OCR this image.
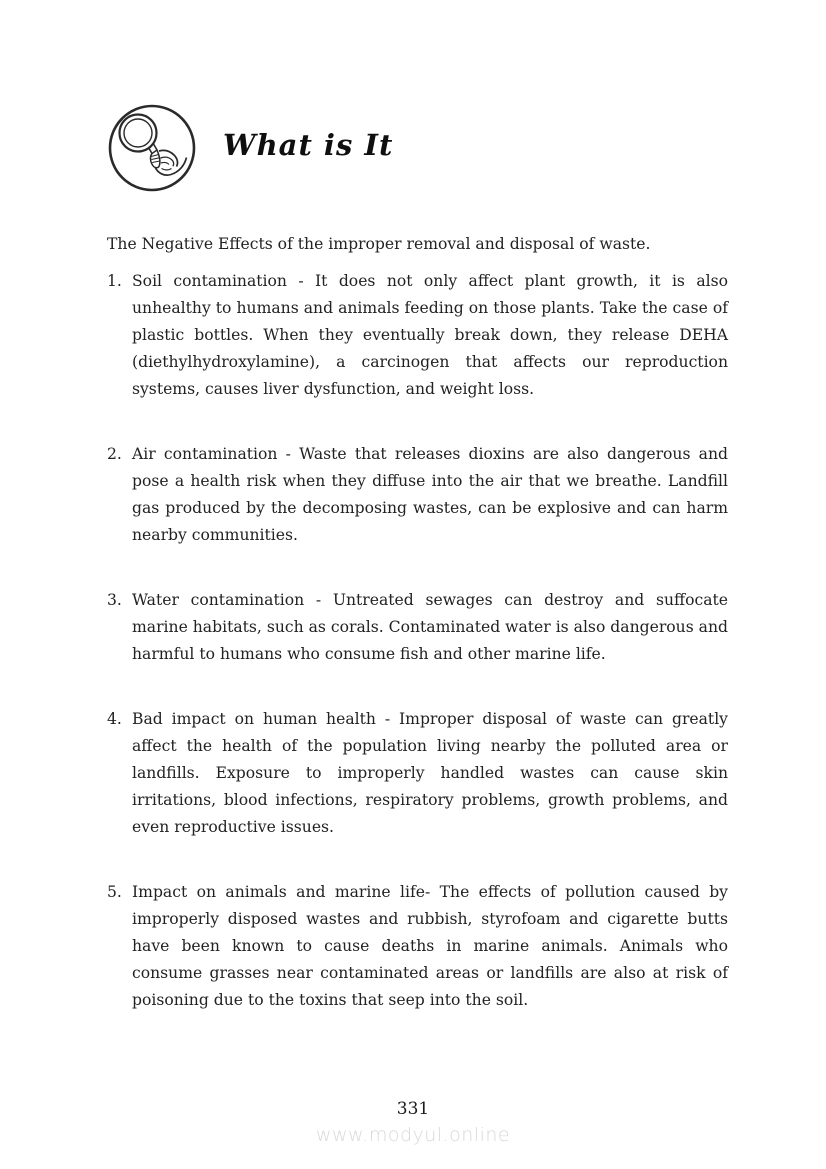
What is It
The Negative Effects of the improper removal and disposal of waste.
1. Soil contamination - It does not only affect plant growth, it is also unhealthy to humans and animals feeding on those plants. Take the case of plastic bottles. When they eventually break down, they release DEHA (diethylhydroxylamine), a carcinogen that affects our reproduction systems, causes liver dysfunction, and weight loss.
2. Air contamination - Waste that releases dioxins are also dangerous and pose a health risk when they diffuse into the air that we breathe. Landfill gas produced by the decomposing wastes, can be explosive and can harm nearby communities.
3. Water contamination - Untreated sewages can destroy and suffocate marine habitats, such as corals. Contaminated water is also dangerous and harmful to humans who consume fish and other marine life.
4. Bad impact on human health - Improper disposal of waste can greatly affect the health of the population living nearby the polluted area or landfills. Exposure to improperly handled wastes can cause skin irritations, blood infections, respiratory problems, growth problems, and even reproductive issues.
5. Impact on animals and marine life- The effects of pollution caused by improperly disposed wastes and rubbish, styrofoam and cigarette butts have been known to cause deaths in marine animals. Animals who consume grasses near contaminated areas or landfills are also at risk of poisoning due to the toxins that seep into the soil.
331
www.modyul.online
